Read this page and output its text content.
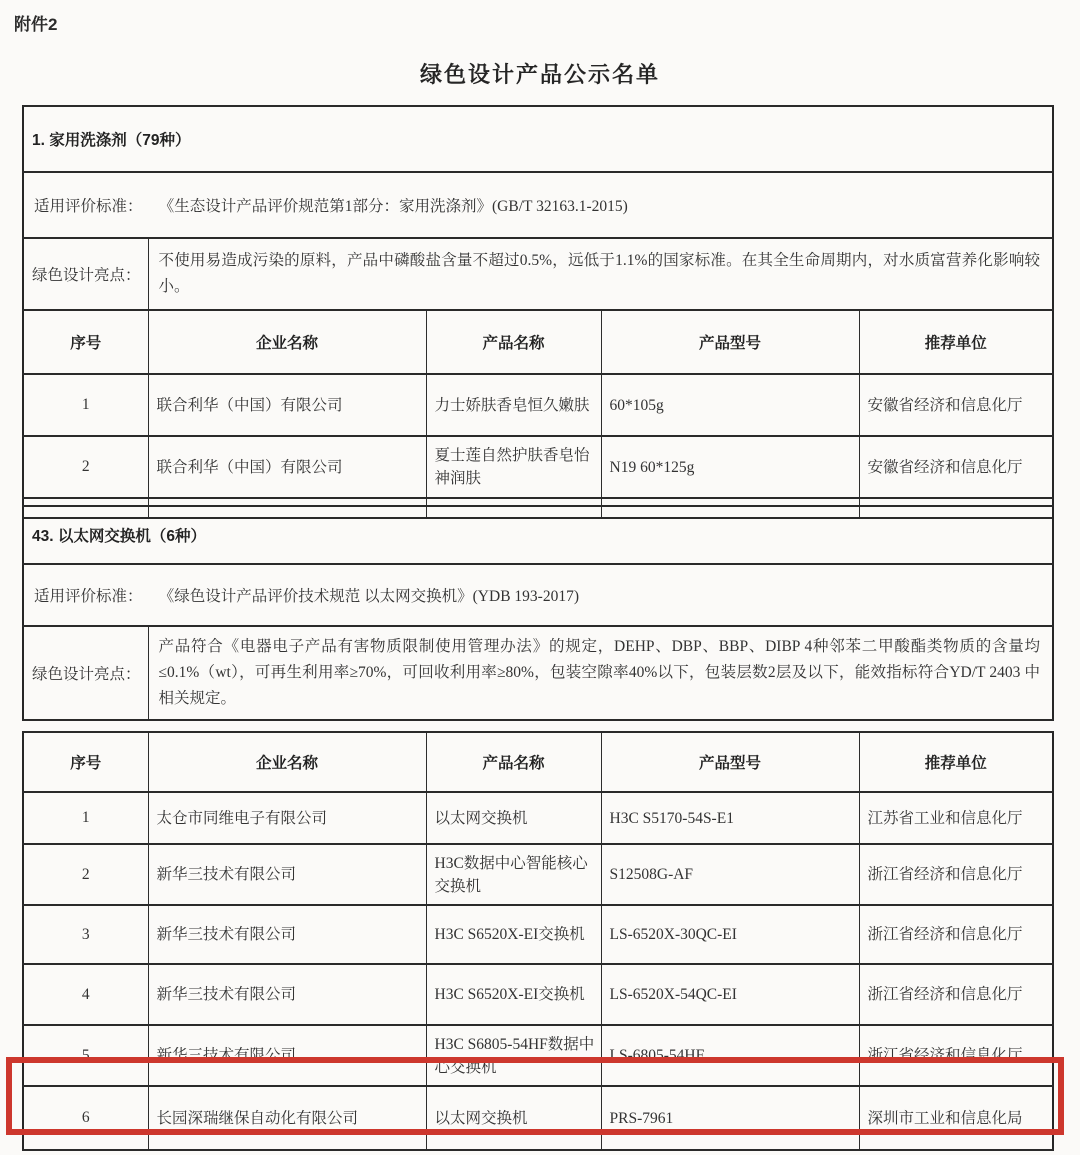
附件2
绿色设计产品公示名单
1. 家用洗涤剂（79种）				
适用评价标准： 《生态设计产品评价规范第1部分：家用洗涤剂》(GB/T 32163.1-2015)				
绿色设计亮点：	不使用易造成污染的原料，产品中磷酸盐含量不超过0.5%，远低于1.1%的国家标准。在其全生命周期内，对水质富营养化影响较小。			
序号	企业名称	产品名称	产品型号	推荐单位
1	联合利华（中国）有限公司	力士娇肤香皂恒久嫩肤	60*105g	安徽省经济和信息化厅
2	联合利华（中国）有限公司	夏士莲自然护肤香皂怡神润肤	N19 60*125g	安徽省经济和信息化厅

43. 以太网交换机（6种）
适用评价标准： 《绿色设计产品评价技术规范 以太网交换机》(YDB 193-2017)
绿色设计亮点：	产品符合《电器电子产品有害物质限制使用管理办法》的规定，DEHP、DBP、BBP、DIBP 4种邻苯二甲酸酯类物质的含量均≤0.1%（wt），可再生利用率≥70%，可回收利用率≥80%，包装空隙率40%以下，包装层数2层及以下，能效指标符合YD/T 2403 中相关规定。
序号	企业名称	产品名称	产品型号	推荐单位
1	太仓市同维电子有限公司	以太网交换机	H3C S5170-54S-E1	江苏省工业和信息化厅
2	新华三技术有限公司	H3C数据中心智能核心交换机	S12508G-AF	浙江省经济和信息化厅
3	新华三技术有限公司	H3C S6520X-EI交换机	LS-6520X-30QC-EI	浙江省经济和信息化厅
4	新华三技术有限公司	H3C S6520X-EI交换机	LS-6520X-54QC-EI	浙江省经济和信息化厅
5	新华三技术有限公司	H3C S6805-54HF数据中心交换机	LS-6805-54HF	浙江省经济和信息化厅
6	长园深瑞继保自动化有限公司	以太网交换机	PRS-7961	深圳市工业和信息化局
